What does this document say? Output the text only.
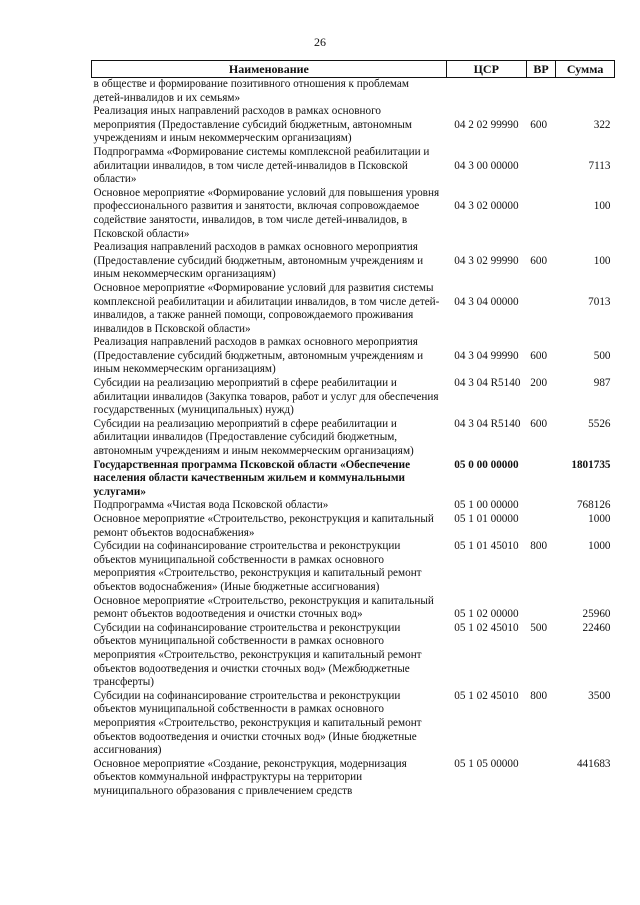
26
Наименование	ЦСР	ВР	Сумма
в обществе и формирование позитивного отношения к проблемам детей-инвалидов и их семьям»			
Реализация иных направлений расходов в рамках основного мероприятия (Предоставление субсидий бюджетным, автономным учреждениям и иным некоммерческим организациям)	04 2 02 99990	600	322
Подпрограмма «Формирование системы комплексной реабилитации и абилитации инвалидов, в том числе детей-инвалидов в Псковской области»	04 3 00 00000		7113
Основное мероприятие «Формирование условий для повышения уровня профессионального развития и занятости, включая сопровождаемое содействие занятости, инвалидов, в том числе детей-инвалидов, в Псковской области»	04 3 02 00000		100
Реализация направлений расходов в рамках основного мероприятия (Предоставление субсидий бюджетным, автономным учреждениям и иным некоммерческим организациям)	04 3 02 99990	600	100
Основное мероприятие «Формирование условий для развития системы комплексной реабилитации и абилитации инвалидов, в том числе детей-инвалидов, а также ранней помощи, сопровождаемого проживания инвалидов в Псковской области»	04 3 04 00000		7013
Реализация направлений расходов в рамках основного мероприятия (Предоставление субсидий бюджетным, автономным учреждениям и иным некоммерческим организациям)	04 3 04 99990	600	500
Субсидии на реализацию мероприятий в сфере реабилитации и абилитации инвалидов (Закупка товаров, работ и услуг для обеспечения государственных (муниципальных) нужд)	04 3 04 R5140	200	987
Субсидии на реализацию мероприятий в сфере реабилитации и абилитации инвалидов (Предоставление субсидий бюджетным, автономным учреждениям и иным некоммерческим организациям)	04 3 04 R5140	600	5526
Государственная программа Псковской области «Обеспечение населения области качественным жильем и коммунальными услугами»	05 0 00 00000		1801735
Подпрограмма «Чистая вода Псковской области»	05 1 00 00000		768126
Основное мероприятие «Строительство, реконструкция и капитальный ремонт объектов водоснабжения»	05 1 01 00000		1000
Субсидии на софинансирование строительства и реконструкции объектов муниципальной собственности в рамках основного мероприятия «Строительство, реконструкция и капитальный ремонт объектов водоснабжения» (Иные бюджетные ассигнования)	05 1 01 45010	800	1000
Основное мероприятие «Строительство, реконструкция и капитальный ремонт объектов водоотведения и очистки сточных вод»	05 1 02 00000		25960
Субсидии на софинансирование строительства и реконструкции объектов муниципальной собственности в рамках основного мероприятия «Строительство, реконструкция и капитальный ремонт объектов водоотведения и очистки сточных вод» (Межбюджетные трансферты)	05 1 02 45010	500	22460
Субсидии на софинансирование строительства и реконструкции объектов муниципальной собственности в рамках основного мероприятия «Строительство, реконструкция и капитальный ремонт объектов водоотведения и очистки сточных вод» (Иные бюджетные ассигнования)	05 1 02 45010	800	3500
Основное мероприятие «Создание, реконструкция, модернизация объектов коммунальной инфраструктуры на территории муниципального образования с привлечением средств	05 1 05 00000		441683
